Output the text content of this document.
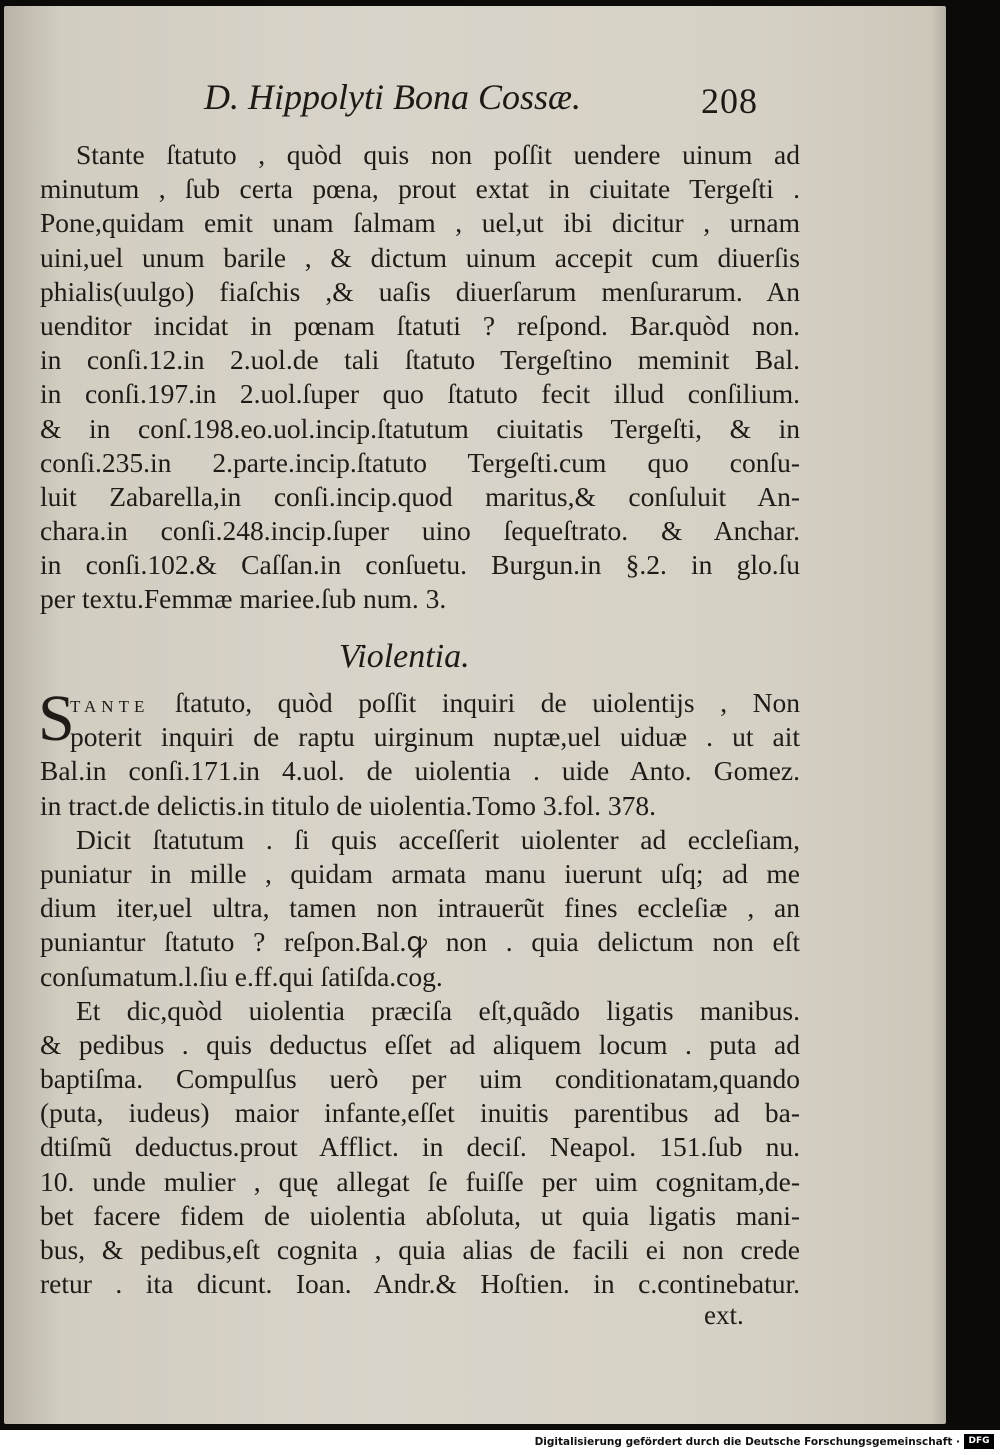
D. Hippolyti Bona Cossæ.	208
Stante ſtatuto , quòd quis non poſſit uendere uinum ad
minutum , ſub certa pœna, prout extat in ciuitate Tergeſti .
Pone,quidam emit unam ſalmam , uel,ut ibi dicitur , urnam
uini,uel unum barile , & dictum uinum accepit cum diuerſis
phialis(uulgo) fiaſchis ,& uaſis diuerſarum menſurarum. An
uenditor incidat in pœnam ſtatuti ? reſpond. Bar.quòd non.
in conſi.12.in 2.uol.de tali ſtatuto Tergeſtino meminit Bal.
in conſi.197.in 2.uol.ſuper quo ſtatuto fecit illud conſilium.
& in conſ.198.eo.uol.incip.ſtatutum ciuitatis Tergeſti, & in
conſi.235.in 2.parte.incip.ſtatuto Tergeſti.cum quo conſu-
luit Zabarella,in conſi.incip.quod maritus,& conſuluit An-
chara.in conſi.248.incip.ſuper uino ſequeſtrato. & Anchar.
in conſi.102.& Caſſan.in conſuetu. Burgun.in §.2. in glo.ſu
per textu.Femmæ mariee.ſub num. 3.
Violentia.
S
TANTE ſtatuto, quòd poſſit inquiri de uiolentijs , Non
poterit inquiri de raptu uirginum nuptæ,uel uiduæ . ut ait
Bal.in conſi.171.in 4.uol. de uiolentia . uide Anto. Gomez.
in tract.de delictis.in titulo de uiolentia.Tomo 3.fol. 378.
Dicit ſtatutum . ſi quis acceſſerit uiolenter ad eccleſiam,
puniatur in mille , quidam armata manu iuerunt uſq; ad me
dium iter,uel ultra, tamen non intrauerũt fines eccleſiæ , an
puniantur ſtatuto ? reſpon.Bal.ꝙ non . quia delictum non eſt
conſumatum.l.ſiu e.ff.qui ſatiſda.cog.
Et dic,quòd uiolentia præciſa eſt,quãdo ligatis manibus.
& pedibus . quis deductus eſſet ad aliquem locum . puta ad
baptiſma. Compulſus uerò per uim conditionatam,quando
(puta, iudeus) maior infante,eſſet inuitis parentibus ad ba-
dtiſmũ deductus.prout Afflict. in deciſ. Neapol. 151.ſub nu.
10. unde mulier , quę allegat ſe fuiſſe per uim cognitam,de-
bet facere fidem de uiolentia abſoluta, ut quia ligatis mani-
bus, & pedibus,eſt cognita , quia alias de facili ei non crede
retur . ita dicunt. Ioan. Andr.& Hoſtien. in c.continebatur.
ext.
Digitalisierung gefördert durch die Deutsche Forschungsgemeinschaft · DFG
